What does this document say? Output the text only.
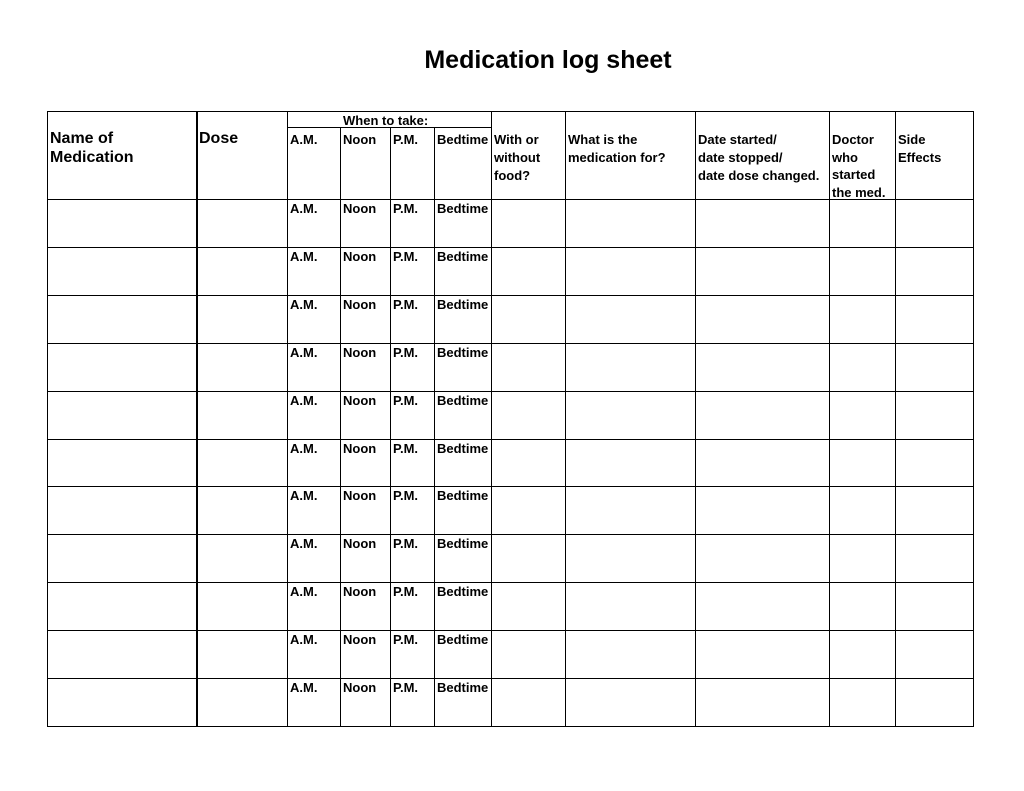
Medication log sheet
Name of
Medication
Dose
When to take:
A.M. Noon P.M. Bedtime With or
without
food?
What is the
medication for?
Date started/
date stopped/
date dose changed.
Doctor
who
started
the med.
Side
Effects
A.M. Noon P.M. Bedtime
A.M. Noon P.M. Bedtime
A.M. Noon P.M. Bedtime
A.M. Noon P.M. Bedtime
A.M. Noon P.M. Bedtime
A.M. Noon P.M. Bedtime
A.M. Noon P.M. Bedtime
A.M. Noon P.M. Bedtime
A.M. Noon P.M. Bedtime
A.M. Noon P.M. Bedtime
A.M. Noon P.M. Bedtime
